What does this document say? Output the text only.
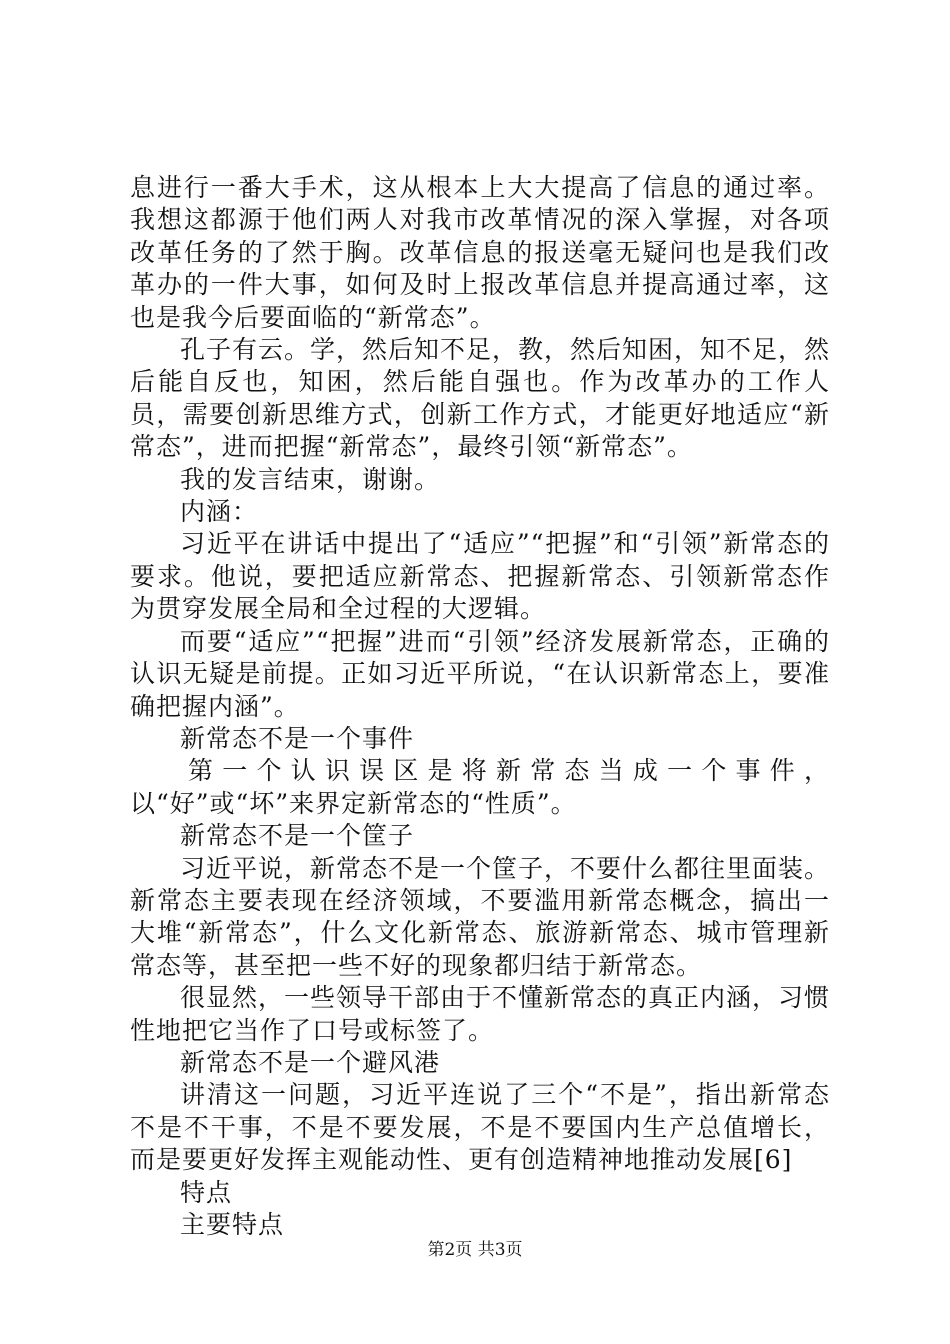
息进行一番大手术，这从根本上大大提高了信息的通过率。我想这都源于他们两人对我市改革情况的深入掌握，对各项改革任务的了然于胸。改革信息的报送毫无疑问也是我们改革办的一件大事，如何及时上报改革信息并提高通过率，这也是我今后要面临的“新常态”。

孔子有云。学，然后知不足，教，然后知困，知不足，然后能自反也，知困，然后能自强也。作为改革办的工作人员，需要创新思维方式，创新工作方式，才能更好地适应“新常态”，进而把握“新常态”，最终引领“新常态”。

我的发言结束，谢谢。

内涵：

习近平在讲话中提出了“适应”“把握”和“引领”新常态的要求。他说，要把适应新常态、把握新常态、引领新常态作为贯穿发展全局和全过程的大逻辑。

而要“适应”“把握”进而“引领”经济发展新常态，正确的认识无疑是前提。正如习近平所说，“在认识新常态上，要准确把握内涵”。

新常态不是一个事件

第一个认识误区是将新常态当成一个事件，以“好”或“坏”来界定新常态的“性质”。

新常态不是一个筐子

习近平说，新常态不是一个筐子，不要什么都往里面装。新常态主要表现在经济领域，不要滥用新常态概念，搞出一大堆“新常态”，什么文化新常态、旅游新常态、城市管理新常态等，甚至把一些不好的现象都归结于新常态。

很显然，一些领导干部由于不懂新常态的真正内涵，习惯性地把它当作了口号或标签了。

新常态不是一个避风港

讲清这一问题，习近平连说了三个“不是”，指出新常态不是不干事，不是不要发展，不是不要国内生产总值增长，而是要更好发挥主观能动性、更有创造精神地推动发展[6]

特点

主要特点

第2页 共3页
